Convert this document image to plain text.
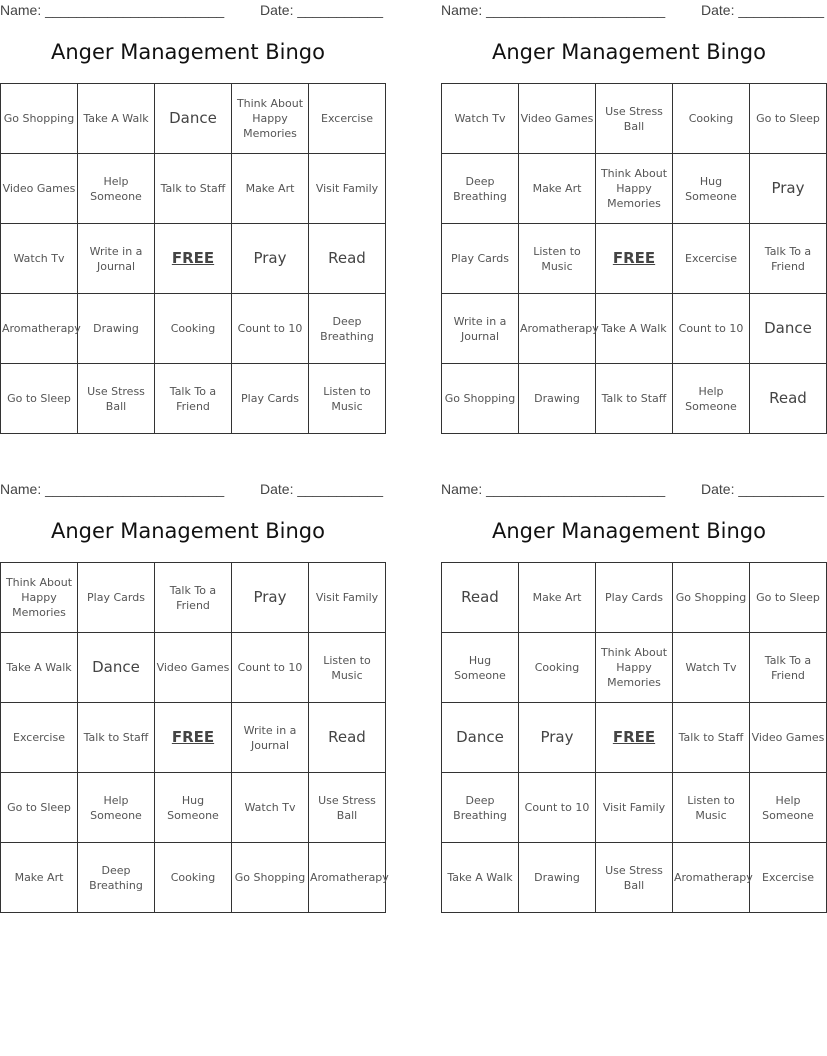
Name: _______________________	Date: ___________
Anger Management Bingo
Go Shopping	Take A Walk	Dance	Think About Happy Memories	Excercise
Video Games	Help Someone	Talk to Staff	Make Art	Visit Family
Watch Tv	Write in a Journal	FREE	Pray	Read
Aromatherapy	Drawing	Cooking	Count to 10	Deep Breathing
Go to Sleep	Use Stress Ball	Talk To a Friend	Play Cards	Listen to Music
Name: _______________________	Date: ___________
Anger Management Bingo
Watch Tv	Video Games	Use Stress Ball	Cooking	Go to Sleep
Deep Breathing	Make Art	Think About Happy Memories	Hug Someone	Pray
Play Cards	Listen to Music	FREE	Excercise	Talk To a Friend
Write in a Journal	Aromatherapy	Take A Walk	Count to 10	Dance
Go Shopping	Drawing	Talk to Staff	Help Someone	Read
Name: _______________________	Date: ___________
Anger Management Bingo
Think About Happy Memories	Play Cards	Talk To a Friend	Pray	Visit Family
Take A Walk	Dance	Video Games	Count to 10	Listen to Music
Excercise	Talk to Staff	FREE	Write in a Journal	Read
Go to Sleep	Help Someone	Hug Someone	Watch Tv	Use Stress Ball
Make Art	Deep Breathing	Cooking	Go Shopping	Aromatherapy
Name: _______________________	Date: ___________
Anger Management Bingo
Read	Make Art	Play Cards	Go Shopping	Go to Sleep
Hug Someone	Cooking	Think About Happy Memories	Watch Tv	Talk To a Friend
Dance	Pray	FREE	Talk to Staff	Video Games
Deep Breathing	Count to 10	Visit Family	Listen to Music	Help Someone
Take A Walk	Drawing	Use Stress Ball	Aromatherapy	Excercise
